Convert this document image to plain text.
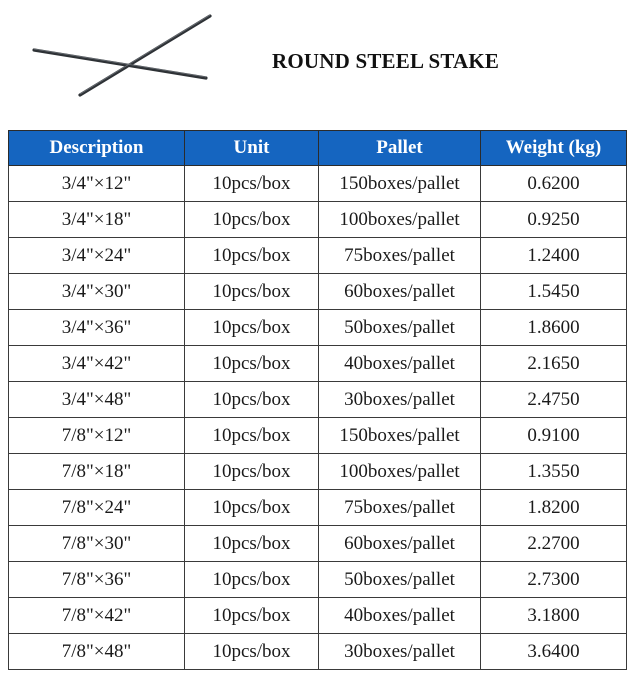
ROUND STEEL STAKE
Description	Unit	Pallet	Weight (kg)
3/4"×12"	10pcs/box	150boxes/pallet	0.6200
3/4"×18"	10pcs/box	100boxes/pallet	0.9250
3/4"×24"	10pcs/box	75boxes/pallet	1.2400
3/4"×30"	10pcs/box	60boxes/pallet	1.5450
3/4"×36"	10pcs/box	50boxes/pallet	1.8600
3/4"×42"	10pcs/box	40boxes/pallet	2.1650
3/4"×48"	10pcs/box	30boxes/pallet	2.4750
7/8"×12"	10pcs/box	150boxes/pallet	0.9100
7/8"×18"	10pcs/box	100boxes/pallet	1.3550
7/8"×24"	10pcs/box	75boxes/pallet	1.8200
7/8"×30"	10pcs/box	60boxes/pallet	2.2700
7/8"×36"	10pcs/box	50boxes/pallet	2.7300
7/8"×42"	10pcs/box	40boxes/pallet	3.1800
7/8"×48"	10pcs/box	30boxes/pallet	3.6400
